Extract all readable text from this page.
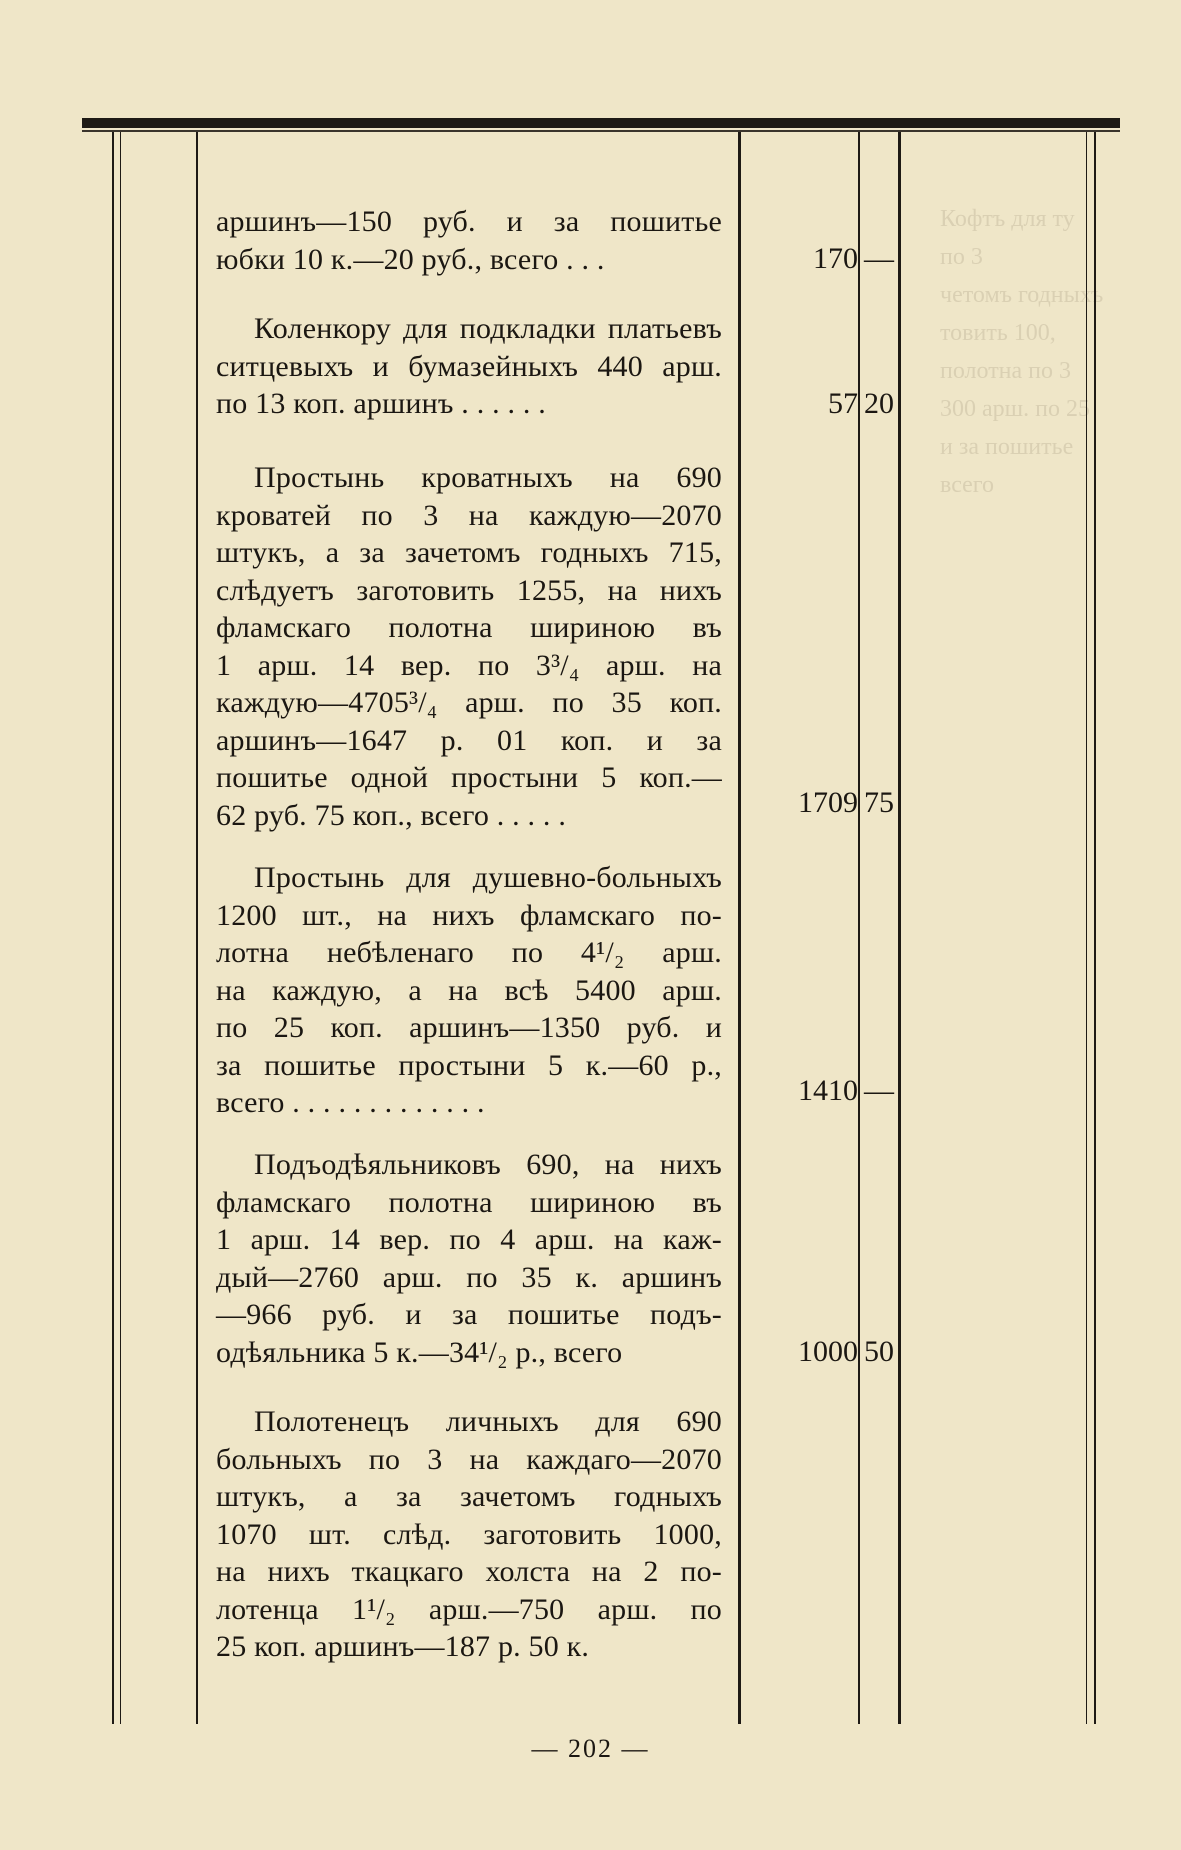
Кофтъ для ту
по 3
четомъ годныхъ
товить 100,
полотна по 3
300 арш. по 25
и за пошитье
всего

аршинъ—150 руб. и за пошитье

юбки 10 к.—20 руб., всего . . .	170 —

Коленкору для подкладки платьевъ

ситцевыхъ и бумазейныхъ 440 арш.

по 13 коп. аршинъ . . . . . .	57 20

Простынь кроватныхъ на 690

кроватей по 3 на каждую—2070

штукъ, а за зачетомъ годныхъ 715,

слѣдуетъ заготовить 1255, на нихъ

фламскаго полотна шириною въ

1 арш. 14 вер. по 3³/₄ арш. на

каждую—4705³/₄ арш. по 35 коп.

аршинъ—1647 р. 01 коп. и за

пошитье одной простыни 5 коп.—

62 руб. 75 коп., всего . . . . .	1709 75

Простынь для душевно-больныхъ

1200 шт., на нихъ фламскаго по-

лотна небѣленаго по 4¹/₂ арш.

на каждую, а на всѣ 5400 арш.

по 25 коп. аршинъ—1350 руб. и

за пошитье простыни 5 к.—60 р.,

всего . . . . . . . . . . . . .	1410 —

Подъодѣяльниковъ 690, на нихъ

фламскаго полотна шириною въ

1 арш. 14 вер. по 4 арш. на каж-

дый—2760 арш. по 35 к. аршинъ

—966 руб. и за пошитье подъ-

одѣяльника 5 к.—34¹/₂ р., всего	1000 50

Полотенецъ личныхъ для 690

больныхъ по 3 на каждаго—2070

штукъ, а за зачетомъ годныхъ

1070 шт. слѣд. заготовить 1000,

на нихъ ткацкаго холста на 2 по-

лотенца 1¹/₂ арш.—750 арш. по

25 коп. аршинъ—187 р. 50 к.

— 202 —
